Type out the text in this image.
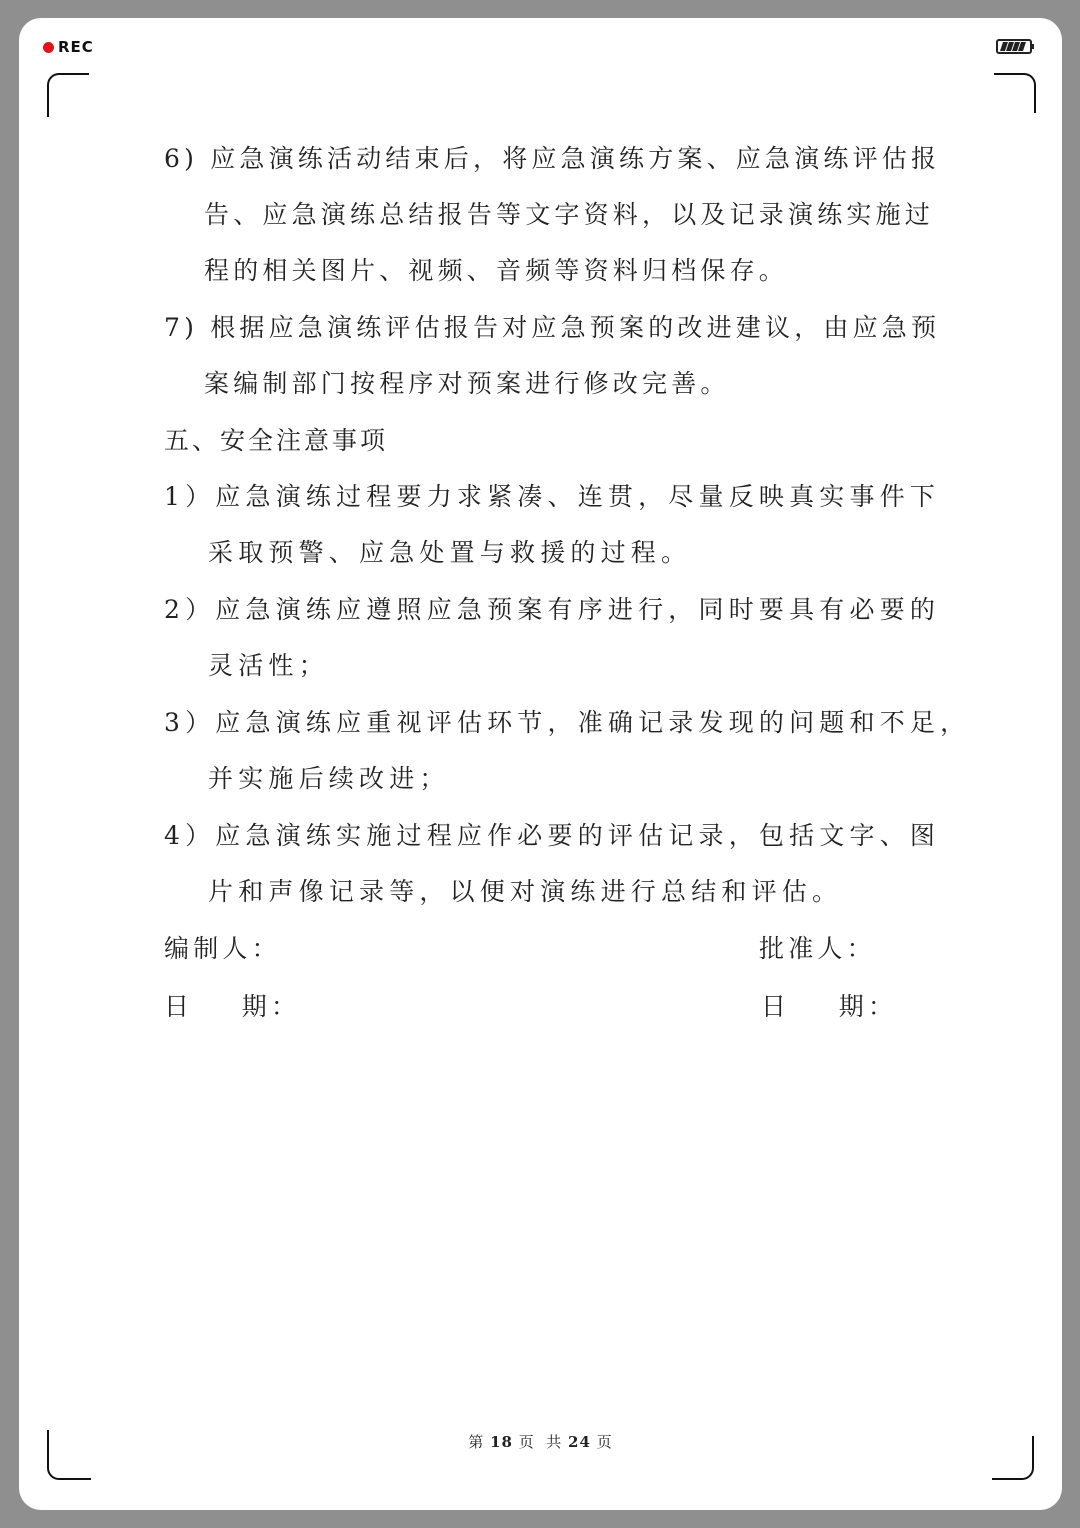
REC
6) 应急演练活动结束后，将应急演练方案、应急演练评估报
告、应急演练总结报告等文字资料，以及记录演练实施过
程的相关图片、视频、音频等资料归档保存。
7) 根据应急演练评估报告对应急预案的改进建议，由应急预
案编制部门按程序对预案进行修改完善。
五、安全注意事项
1）应急演练过程要力求紧凑、连贯，尽量反映真实事件下
采取预警、应急处置与救援的过程。
2）应急演练应遵照应急预案有序进行，同时要具有必要的
灵活性；
3）应急演练应重视评估环节，准确记录发现的问题和不足，
并实施后续改进；
4）应急演练实施过程应作必要的评估记录，包括文字、图
片和声像记录等，以便对演练进行总结和评估。
编制人：	批准人：
日    期：	日    期：
第 18 页  共 24 页
